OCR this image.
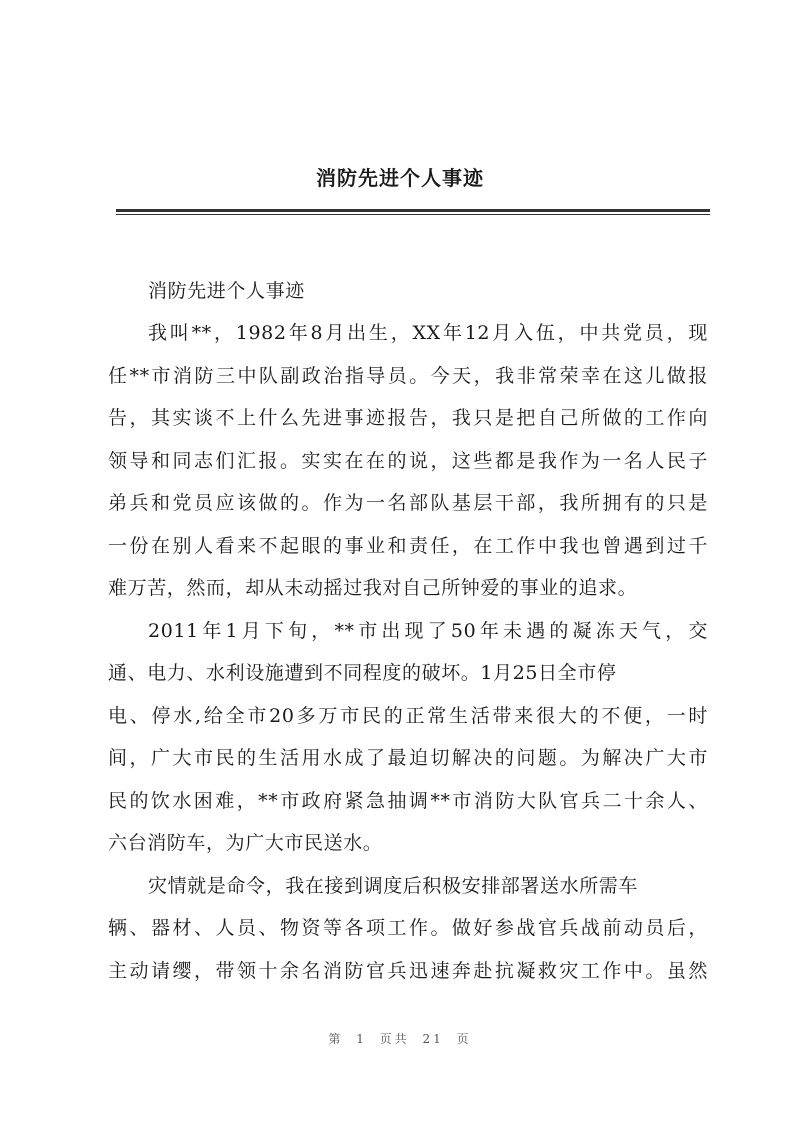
消防先进个人事迹
消防先进个人事迹
我叫**，1982年8月出生，XX年12月入伍，中共党员，现
任**市消防三中队副政治指导员。今天，我非常荣幸在这儿做报
告，其实谈不上什么先进事迹报告，我只是把自己所做的工作向
领导和同志们汇报。实实在在的说，这些都是我作为一名人民子
弟兵和党员应该做的。作为一名部队基层干部，我所拥有的只是
一份在别人看来不起眼的事业和责任，在工作中我也曾遇到过千
难万苦，然而，却从未动摇过我对自己所钟爱的事业的追求。
2011年1月下旬，**市出现了50年未遇的凝冻天气，交
通、电力、水利设施遭到不同程度的破坏。1月25日全市停
电、停水,给全市20多万市民的正常生活带来很大的不便，一时
间，广大市民的生活用水成了最迫切解决的问题。为解决广大市
民的饮水困难，**市政府紧急抽调**市消防大队官兵二十余人、
六台消防车，为广大市民送水。
灾情就是命令，我在接到调度后积极安排部署送水所需车
辆、器材、人员、物资等各项工作。做好参战官兵战前动员后，
主动请缨，带领十余名消防官兵迅速奔赴抗凝救灾工作中。虽然
第 1 页共 21 页
